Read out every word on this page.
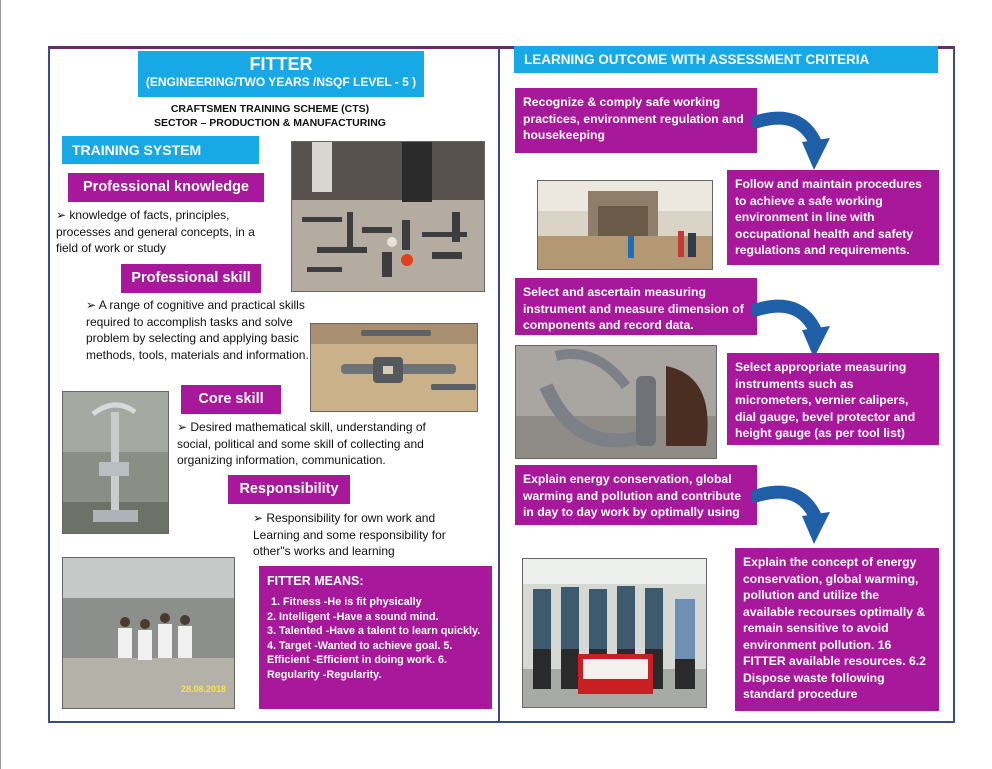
FITTER
(ENGINEERING/TWO YEARS /NSQF LEVEL - 5 )
CRAFTSMEN TRAINING SCHEME (CTS)
SECTOR – PRODUCTION & MANUFACTURING
TRAINING SYSTEM
Professional knowledge
➢ knowledge of facts, principles, processes and general concepts, in a field of work or study
Professional skill
➢ A range of cognitive and practical skills required to accomplish tasks and solve problem by selecting and applying basic methods, tools, materials and information.
Core skill
➢ Desired mathematical skill, understanding of social, political and some skill of collecting and organizing information, communication.
Responsibility
➢ Responsibility for own work and Learning and some responsibility for other"s works and learning
28.08.2018
FITTER MEANS:
1. Fitness -He is fit physically
2. Intelligent -Have a sound mind.
3. Talented -Have a talent to learn quickly.
4. Target -Wanted to achieve goal. 5. Efficient -Efficient in doing work. 6. Regularity -Regularity.
LEARNING OUTCOME WITH ASSESSMENT CRITERIA
Recognize & comply safe working practices, environment regulation and housekeeping
Follow and maintain procedures to achieve a safe working environment in line with occupational health and safety regulations and requirements.
Select and ascertain measuring instrument and measure dimension of components and record data.
Select appropriate measuring instruments such as micrometers, vernier calipers, dial gauge, bevel protector and height gauge (as per tool list)
Explain energy conservation, global warming and pollution and contribute in day to day work by optimally using
Explain the concept of energy conservation, global warming, pollution and utilize the available recourses optimally & remain sensitive to avoid environment pollution. 16 FITTER available resources. 6.2 Dispose waste following standard procedure
